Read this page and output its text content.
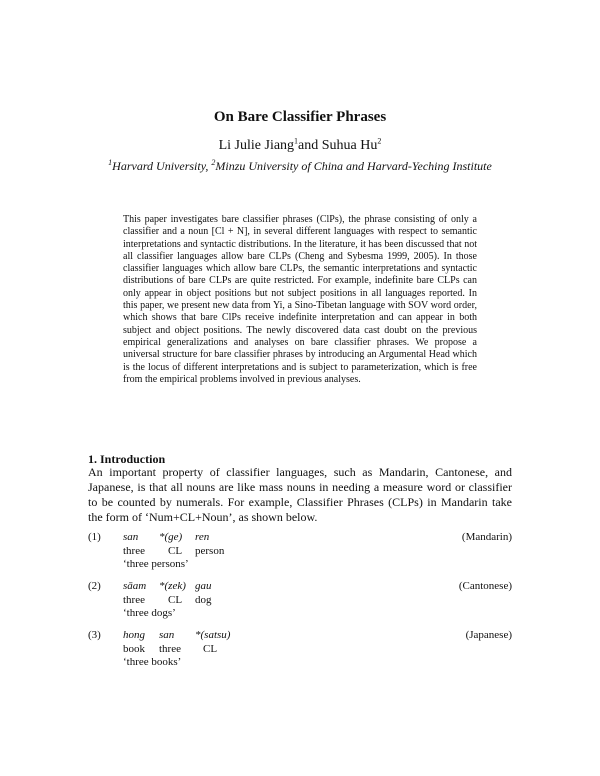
On Bare Classifier Phrases
Li Julie Jiang$^1$and Suhua Hu$^2$
$^1$Harvard University, $^2$Minzu University of China and Harvard-Yeching Institute

This paper investigates bare classifier phrases (ClPs), the phrase consisting of only a classifier and a noun [Cl + N], in several different languages with respect to semantic interpretations and syntactic distributions. In the literature, it has been discussed that not all classifier languages allow bare CLPs (Cheng and Sybesma 1999, 2005). In those classifier languages which allow bare CLPs, the semantic interpretations and syntactic distributions of bare CLPs are quite restricted. For example, indefinite bare CLPs can only appear in object positions but not subject positions in all languages reported. In this paper, we present new data from Yi, a Sino-Tibetan language with SOV word order, which shows that bare ClPs receive indefinite interpretation and can appear in both subject and object positions. The newly discovered data cast doubt on the previous empirical generalizations and analyses on bare classifier phrases. We propose a universal structure for bare classifier phrases by introducing an Argumental Head which is the locus of different interpretations and is subject to parameterization, which is free from the empirical problems involved in previous analyses.

1. Introduction

An important property of classifier languages, such as Mandarin, Cantonese, and Japanese, is that all nouns are like mass nouns in needing a measure word or classifier to be counted by numerals. For example, Classifier Phrases (CLPs) in Mandarin take the form of ‘Num+CL+Noun’, as shown below.

(1) san *(ge) ren	(Mandarin)
three CL person
‘three persons’
(2) sāam *(zek) gau	(Cantonese)
three CL dog
‘three dogs’
(3) hong san *(satsu)	(Japanese)
book three CL
‘three books’
